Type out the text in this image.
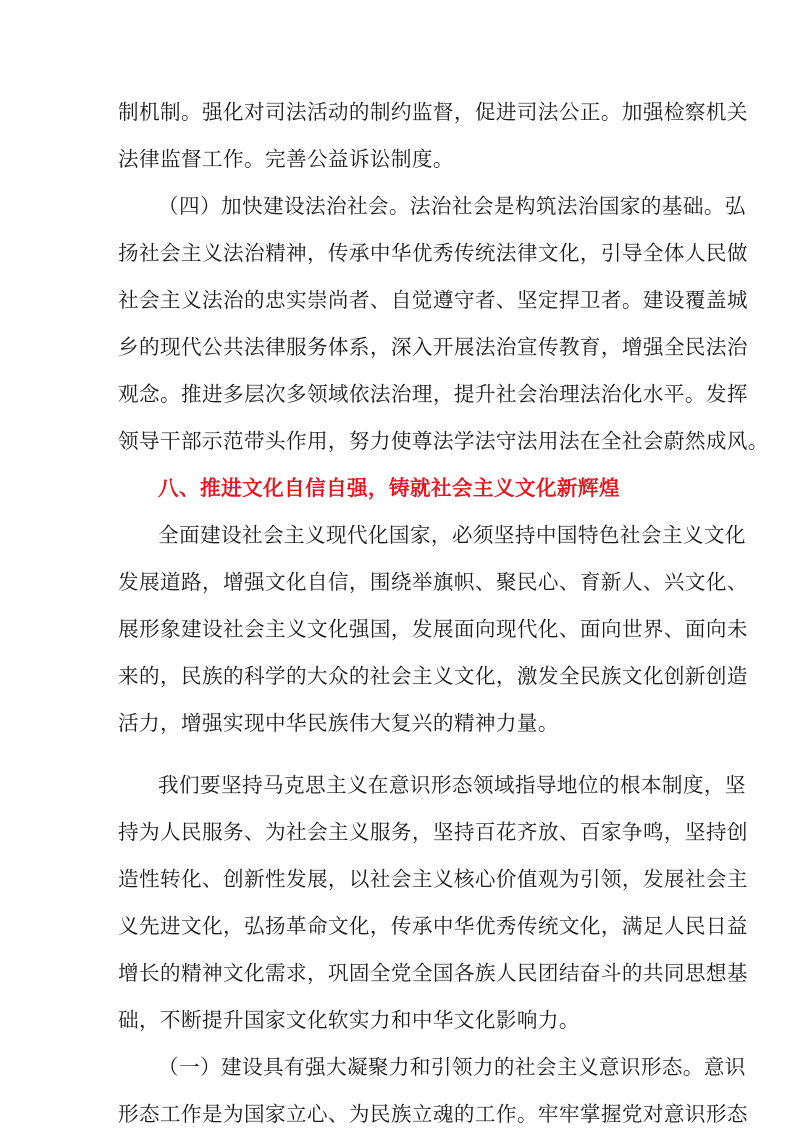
制机制。强化对司法活动的制约监督，促进司法公正。加强检察机关
法律监督工作。完善公益诉讼制度。
（四）加快建设法治社会。法治社会是构筑法治国家的基础。弘
扬社会主义法治精神，传承中华优秀传统法律文化，引导全体人民做
社会主义法治的忠实崇尚者、自觉遵守者、坚定捍卫者。建设覆盖城
乡的现代公共法律服务体系，深入开展法治宣传教育，增强全民法治
观念。推进多层次多领域依法治理，提升社会治理法治化水平。发挥
领导干部示范带头作用，努力使尊法学法守法用法在全社会蔚然成风。
八、推进文化自信自强，铸就社会主义文化新辉煌
全面建设社会主义现代化国家，必须坚持中国特色社会主义文化
发展道路，增强文化自信，围绕举旗帜、聚民心、育新人、兴文化、
展形象建设社会主义文化强国，发展面向现代化、面向世界、面向未
来的，民族的科学的大众的社会主义文化，激发全民族文化创新创造
活力，增强实现中华民族伟大复兴的精神力量。
我们要坚持马克思主义在意识形态领域指导地位的根本制度，坚
持为人民服务、为社会主义服务，坚持百花齐放、百家争鸣，坚持创
造性转化、创新性发展，以社会主义核心价值观为引领，发展社会主
义先进文化，弘扬革命文化，传承中华优秀传统文化，满足人民日益
增长的精神文化需求，巩固全党全国各族人民团结奋斗的共同思想基
础，不断提升国家文化软实力和中华文化影响力。
（一）建设具有强大凝聚力和引领力的社会主义意识形态。意识
形态工作是为国家立心、为民族立魂的工作。牢牢掌握党对意识形态
